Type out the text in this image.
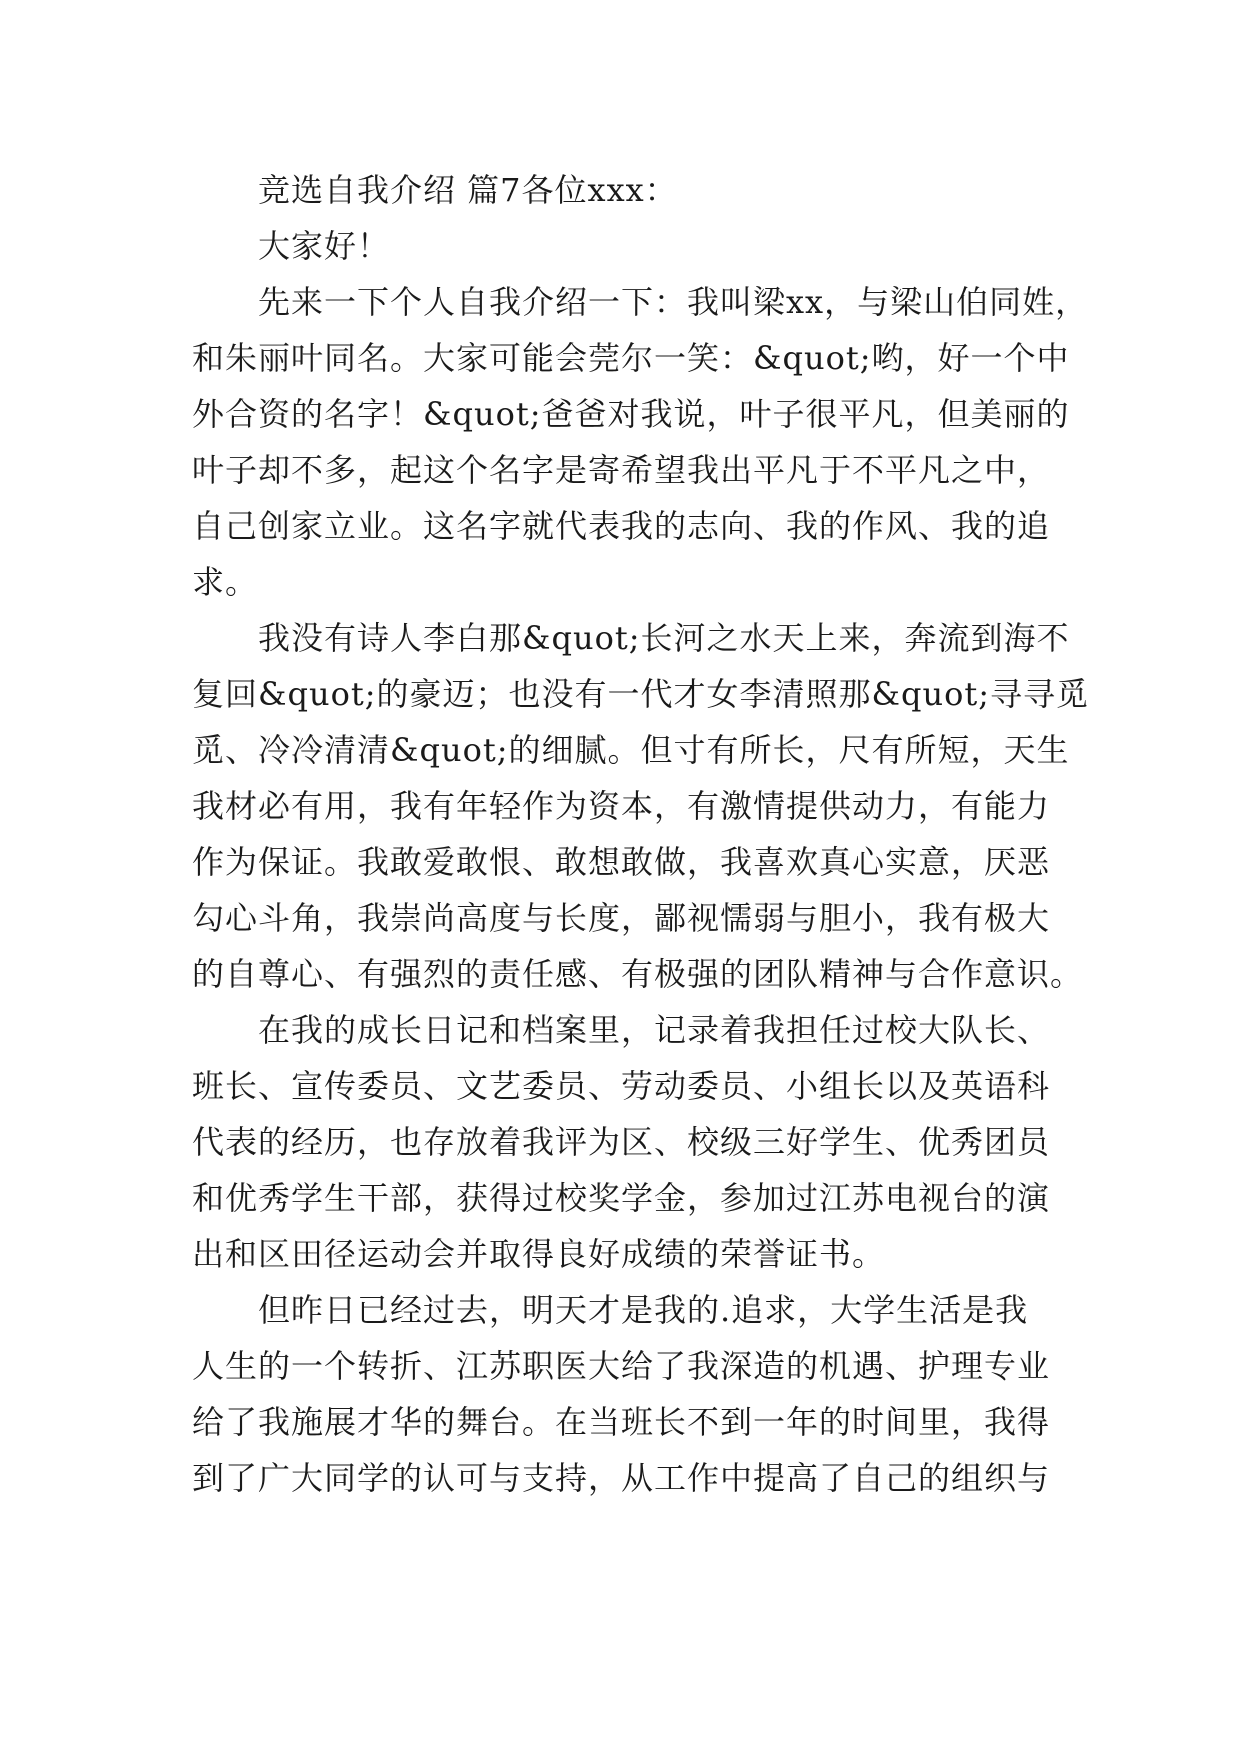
竞选自我介绍 篇7各位xxx：
大家好！
先来一下个人自我介绍一下：我叫梁xx，与梁山伯同姓，
和朱丽叶同名。大家可能会莞尔一笑：&quot;哟，好一个中
外合资的名字！&quot;爸爸对我说，叶子很平凡，但美丽的
叶子却不多，起这个名字是寄希望我出平凡于不平凡之中，
自己创家立业。这名字就代表我的志向、我的作风、我的追
求。
我没有诗人李白那&quot;长河之水天上来，奔流到海不
复回&quot;的豪迈；也没有一代才女李清照那&quot;寻寻觅
觅、冷冷清清&quot;的细腻。但寸有所长，尺有所短，天生
我材必有用，我有年轻作为资本，有激情提供动力，有能力
作为保证。我敢爱敢恨、敢想敢做，我喜欢真心实意，厌恶
勾心斗角，我崇尚高度与长度，鄙视懦弱与胆小，我有极大
的自尊心、有强烈的责任感、有极强的团队精神与合作意识。
在我的成长日记和档案里，记录着我担任过校大队长、
班长、宣传委员、文艺委员、劳动委员、小组长以及英语科
代表的经历，也存放着我评为区、校级三好学生、优秀团员
和优秀学生干部，获得过校奖学金，参加过江苏电视台的演
出和区田径运动会并取得良好成绩的荣誉证书。
但昨日已经过去，明天才是我的.追求，大学生活是我
人生的一个转折、江苏职医大给了我深造的机遇、护理专业
给了我施展才华的舞台。在当班长不到一年的时间里，我得
到了广大同学的认可与支持，从工作中提高了自己的组织与
